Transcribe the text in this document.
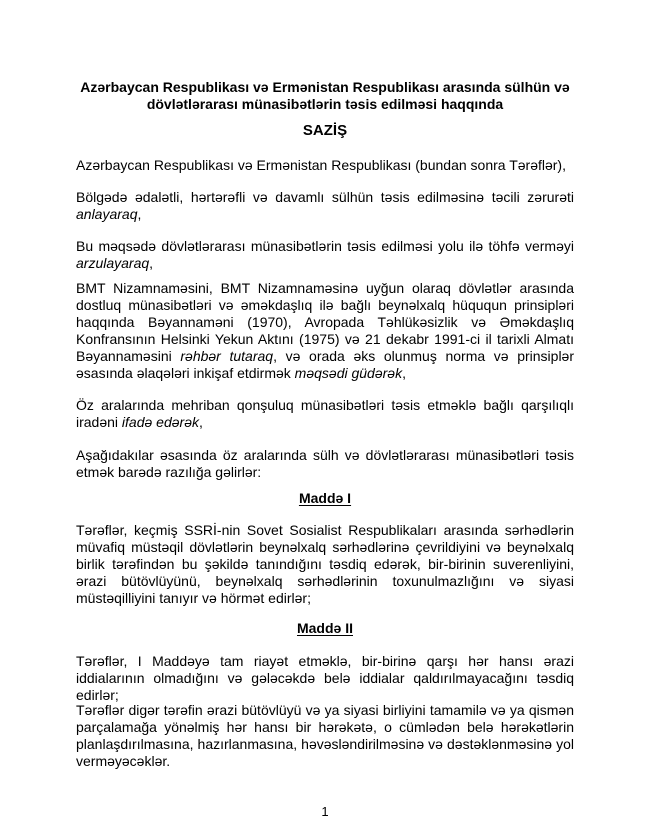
Azərbaycan Respublikası və Ermənistan Respublikası arasında sülhün və
dövlətlərarası münasibətlərin təsis edilməsi haqqında
SAZİŞ
Azərbaycan Respublikası və Ermənistan Respublikası (bundan sonra Tərəflər),
Bölgədə ədalətli, hərtərəfli və davamlı sülhün təsis edilməsinə təcili zərurəti anlayaraq,
Bu məqsədə dövlətlərarası münasibətlərin təsis edilməsi yolu ilə töhfə verməyi arzulayaraq,
BMT Nizamnaməsini, BMT Nizamnaməsinə uyğun olaraq dövlətlər arasında dostluq münasibətləri və əməkdaşlıq ilə bağlı beynəlxalq hüququn prinsipləri haqqında Bəyannaməni (1970), Avropada Təhlükəsizlik və Əməkdaşlıq Konfransının Helsinki Yekun Aktını (1975) və 21 dekabr 1991-ci il tarixli Almatı Bəyannaməsini rəhbər tutaraq, və orada əks olunmuş norma və prinsiplər əsasında əlaqələri inkişaf etdirmək məqsədi güdərək,
Öz aralarında mehriban qonşuluq münasibətləri təsis etməklə bağlı qarşılıqlı iradəni ifadə edərək,
Aşağıdakılar əsasında öz aralarında sülh və dövlətlərarası münasibətləri təsis etmək barədə razılığa gəlirlər:
Maddə I
Tərəflər, keçmiş SSRİ-nin Sovet Sosialist Respublikaları arasında sərhədlərin müvafiq müstəqil dövlətlərin beynəlxalq sərhədlərinə çevrildiyini və beynəlxalq birlik tərəfindən bu şəkildə tanındığını təsdiq edərək, bir-birinin suverenliyini, ərazi bütövlüyünü, beynəlxalq sərhədlərinin toxunulmazlığını və siyasi müstəqilliyini tanıyır və hörmət edirlər;
Maddə II
Tərəflər, I Maddəyə tam riayət etməklə, bir-birinə qarşı hər hansı ərazi iddialarının olmadığını və gələcəkdə belə iddialar qaldırılmayacağını təsdiq edirlər;
Tərəflər digər tərəfin ərazi bütövlüyü və ya siyasi birliyini tamamilə və ya qismən parçalamağa yönəlmiş hər hansı bir hərəkətə, o cümlədən belə hərəkətlərin planlaşdırılmasına, hazırlanmasına, həvəsləndirilməsinə və dəstəklənməsinə yol verməyəcəklər.
1
